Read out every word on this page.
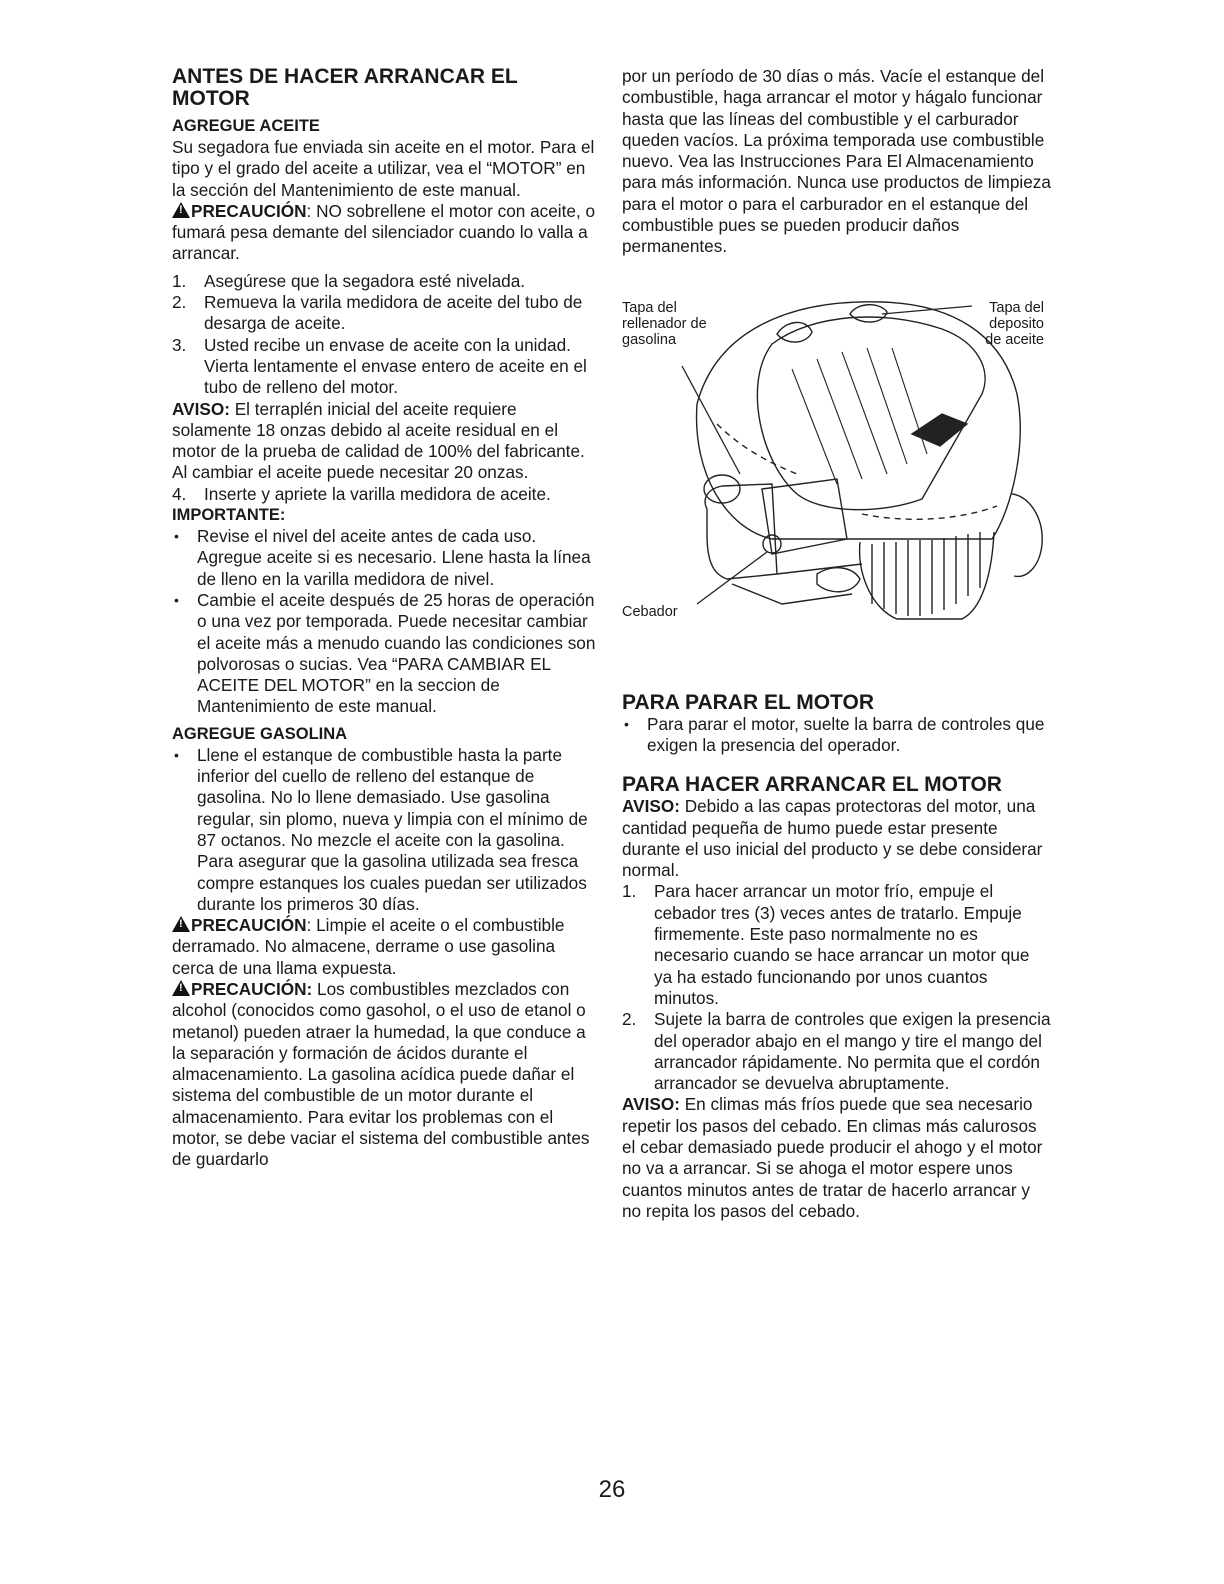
ANTES DE HACER ARRANCAR EL MOTOR
AGREGUE ACEITE

Su segadora fue enviada sin aceite en el motor. Para el tipo y el grado del aceite a utilizar, vea el “MOTOR” en la sección del Mantenimiento de este manual.

!PRECAUCIÓN: NO sobrellene el motor con aceite, o fumará pesa demante del silenciador cuando lo valla a arrancar.

1. Asegúrese que la segadora esté nivelada.
2. Remueva la varila medidora de aceite del tubo de desarga de aceite.
3. Usted recibe un envase de aceite con la unidad. Vierta lentamente el envase entero de aceite en el tubo de relleno del motor.

AVISO: El terraplén inicial del aceite requiere solamente 18 onzas debido al aceite residual en el motor de la prueba de calidad de 100% del fabricante. Al cambiar el aceite puede necesitar 20 onzas.

4. Inserte y apriete la varilla medidora de aceite.
IMPORTANTE:
• Revise el nivel del aceite antes de cada uso. Agregue aceite si es necesario. Llene hasta la línea de lleno en la varilla medidora de nivel.
• Cambie el aceite después de 25 horas de operación o una vez por temporada. Puede necesitar cambiar el aceite más a menudo cuando las condiciones son polvorosas o sucias. Vea “PARA CAMBIAR EL ACEITE DEL MOTOR” en la seccion de Mantenimiento de este manual.
AGREGUE GASOLINA
• Llene el estanque de combustible hasta la parte inferior del cuello de relleno del estanque de gasolina. No lo llene demasiado. Use gasolina regular, sin plomo, nueva y limpia con el mínimo de 87 octanos. No mezcle el aceite con la gasolina. Para asegurar que la gasolina utilizada sea fresca compre estanques los cuales puedan ser utilizados durante los primeros 30 días.

!PRECAUCIÓN: Limpie el aceite o el combustible derramado. No almacene, derrame o use gasolina cerca de una llama expuesta.

!PRECAUCIÓN: Los combustibles mezclados con alcohol (conocidos como gasohol, o el uso de etanol o metanol) pueden atraer la humedad, la que conduce a la separación y formación de ácidos durante el almacenamiento. La gasolina acídica puede dañar el sistema del combustible de un motor durante el almacenamiento. Para evitar los problemas con el motor, se debe vaciar el sistema del combustible antes de guardarlo

por un período de 30 días o más. Vacíe el estanque del combustible, haga arrancar el motor y hágalo funcionar hasta que las líneas del combustible y el carburador queden vacíos. La próxima temporada use combustible nuevo. Vea las Instrucciones Para El Almacenamiento para más información. Nunca use productos de limpieza para el motor o para el carburador en el estanque del combustible pues se pueden producir daños permanentes.

Tapa del
rellenador de
gasolina
Tapa del
deposito
de aceite
Cebador
PARA PARAR EL MOTOR
• Para parar el motor, suelte la barra de controles que exigen la presencia del operador.
PARA HACER ARRANCAR EL MOTOR

AVISO: Debido a las capas protectoras del motor, una cantidad pequeña de humo puede estar presente durante el uso inicial del producto y se debe considerar normal.

1. Para hacer arrancar un motor frío, empuje el cebador tres (3) veces antes de tratarlo. Empuje firmemente. Este paso normalmente no es necesario cuando se hace arrancar un motor que ya ha estado funcionando por unos cuantos minutos.
2. Sujete la barra de controles que exigen la presencia del operador abajo en el mango y tire el mango del arrancador rápidamente. No permita que el cordón arrancador se devuelva abruptamente.

AVISO: En climas más fríos puede que sea necesario repetir los pasos del cebado. En climas más calurosos el cebar demasiado puede producir el ahogo y el motor no va a arrancar. Si se ahoga el motor espere unos cuantos minutos antes de tratar de hacerlo arrancar y no repita los pasos del cebado.

26
